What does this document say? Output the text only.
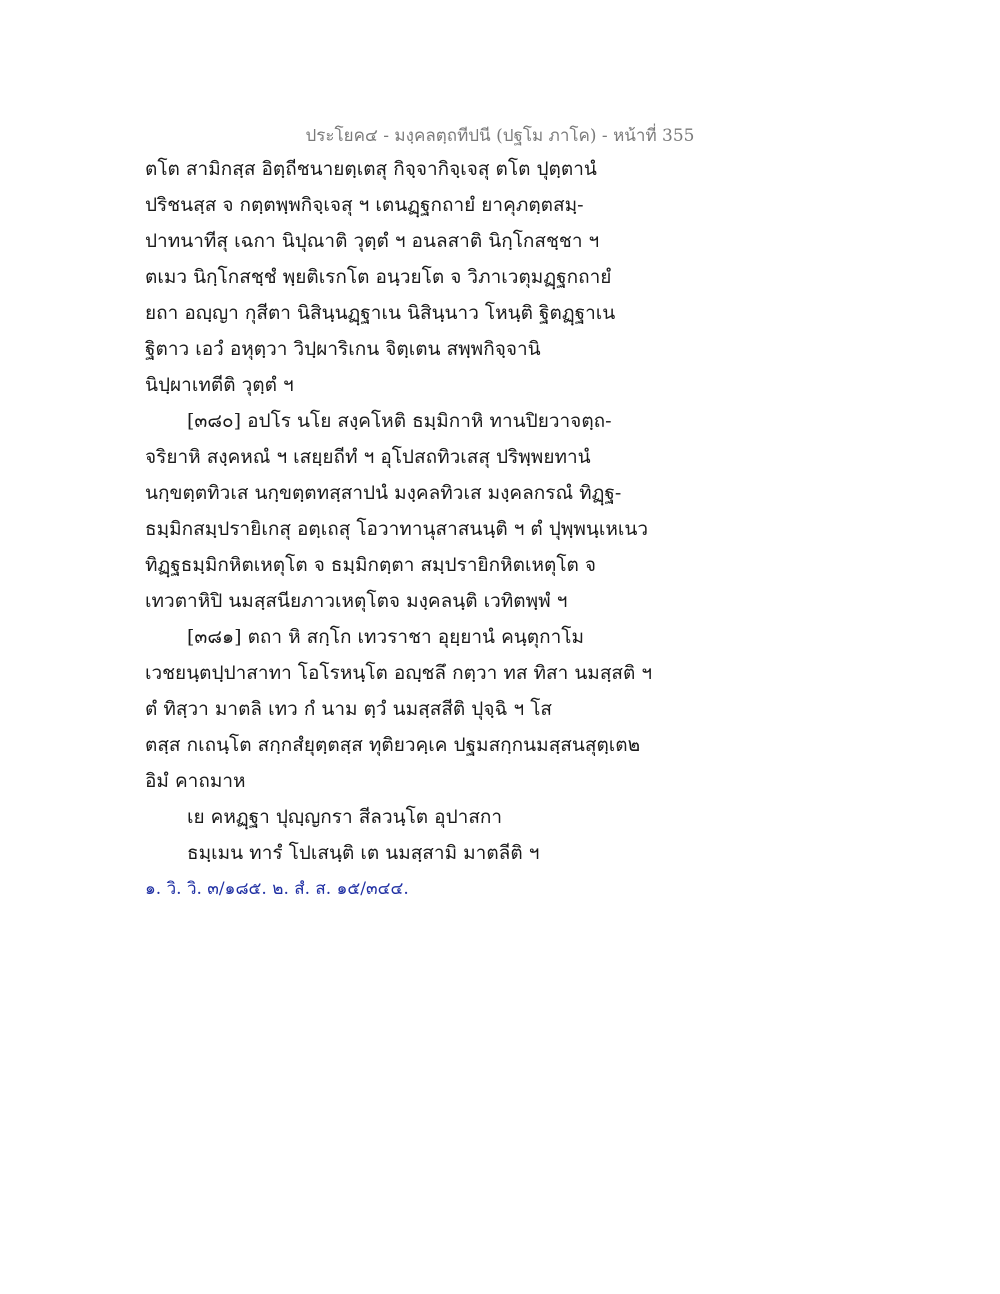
ประโยค๔ - มงฺคลตฺถทีปนี (ปฐโม ภาโค) - หน้าที่ 355
ตโต สามิกสฺส อิตฺถีชนายตฺเตสุ กิจฺจากิจฺเจสุ ตโต ปุตฺตานํ
ปริชนสฺส จ กตฺตพฺพกิจฺเจสุ ฯ เตนฏฺฐกถายํ ยาคุภตฺตสมฺ-
ปาทนาทีสุ เฉกา นิปุณาติ วุตฺตํ ฯ อนลสาติ นิกฺโกสชฺชา ฯ
ตเมว นิกฺโกสชฺชํ พฺยติเรกโต อนฺวยโต จ วิภาเวตุมฏฺฐกถายํ
ยถา อญฺญา กุสีตา นิสินฺนฏฺฐาเน นิสินฺนาว โหนฺติ ฐิตฏฺฐาเน
ฐิตาว เอวํ อหุตฺวา วิปฺผาริเกน จิตฺเตน สพฺพกิจฺจานิ
นิปฺผาเทตีติ วุตฺตํ ฯ
[๓๘๐] อปโร นโย สงฺคโหติ ธมฺมิกาหิ ทานปิยวาจตฺถ-
จริยาหิ สงฺคหณํ ฯ เสยฺยถีทํ ฯ อุโปสถทิวเสสุ ปริพฺพยทานํ
นกฺขตฺตทิวเส นกฺขตฺตทสฺสาปนํ มงฺคลทิวเส มงฺคลกรณํ ทิฏฺฐ-
ธมฺมิกสมฺปรายิเกสุ อตฺเถสุ โอวาทานุสาสนนฺติ ฯ ตํ ปุพฺพนฺเหเนว
ทิฏฺฐธมฺมิกหิตเหตุโต จ ธมฺมิกตฺตา สมฺปรายิกหิตเหตุโต จ
เทวตาหิปิ นมสฺสนียภาวเหตุโตจ มงฺคลนฺติ เวทิตพฺพํ ฯ
[๓๘๑] ตถา หิ สกฺโก เทวราชา อุยฺยานํ คนฺตุกาโม
เวชยนฺตปฺปาสาทา โอโรหนฺโต อญฺชลึ กตฺวา ทส ทิสา นมสฺสติ ฯ
ตํ ทิสฺวา มาตลิ เทว กํ นาม ตฺวํ นมสฺสสีติ ปุจฺฉิ ฯ โส
ตสฺส กเถนฺโต สกฺกสํยุตฺตสฺส ทุติยวคฺเค ปฐมสกฺกนมสฺสนสุตฺเต๒
อิมํ คาถมาห
เย คหฏฺฐา ปุญฺญกรา สีลวนฺโต อุปาสกา
ธมฺเมน ทารํ โปเสนฺติ เต นมสฺสามิ มาตลีติ ฯ
๑. วิ. วิ. ๓/๑๘๕. ๒. สํ. ส. ๑๕/๓๔๔.
